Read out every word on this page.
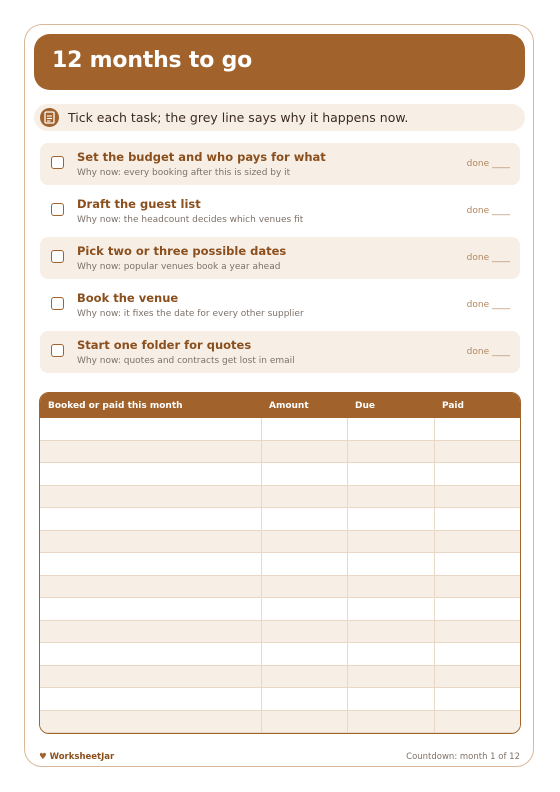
12 months to go
Tick each task; the grey line says why it happens now.
Set the budget and who pays for what
Why now: every booking after this is sized by it
done ____
Draft the guest list
Why now: the headcount decides which venues fit
done ____
Pick two or three possible dates
Why now: popular venues book a year ahead
done ____
Book the venue
Why now: it fixes the date for every other supplier
done ____
Start one folder for quotes
Why now: quotes and contracts get lost in email
done ____
Booked or paid this month	Amount	Due	Paid
♥ WorksheetJar	Countdown: month 1 of 12
